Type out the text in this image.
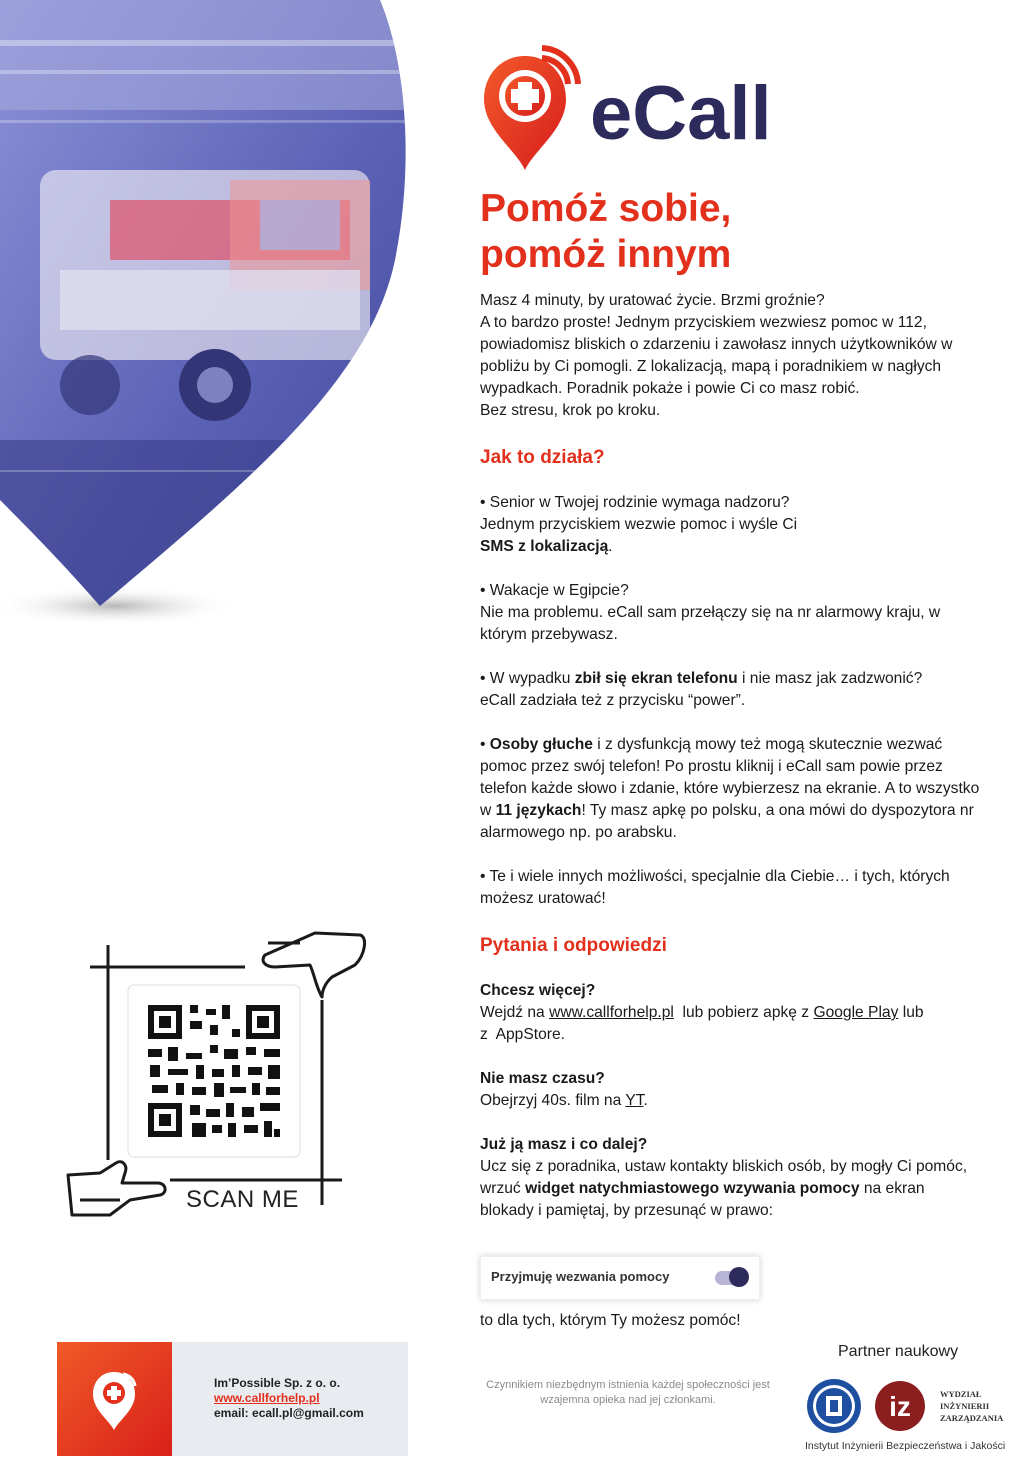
eCall
Pomóż sobie,
pomóż innym

Masz 4 minuty, by uratować życie. Brzmi groźnie?

A to bardzo proste! Jednym przyciskiem wezwiesz pomoc w 112, powiadomisz bliskich o zdarzeniu i zawołasz innych użytkowników w pobliżu by Ci pomogli. Z lokalizacją, mapą i poradnikiem w nagłych wypadkach. Poradnik pokaże i powie Ci co masz robić.

Bez stresu, krok po kroku.

Jak to działa?

• Senior w Twojej rodzinie wymaga nadzoru?

Jednym przyciskiem wezwie pomoc i wyśle Ci

SMS z lokalizacją.

• Wakacje w Egipcie?

Nie ma problemu. eCall sam przełączy się na nr alarmowy kraju, w którym przebywasz.

• W wypadku zbił się ekran telefonu i nie masz jak zadzwonić?

eCall zadziała też z przycisku “power”.

• Osoby głuche i z dysfunkcją mowy też mogą skutecznie wezwać pomoc przez swój telefon! Po prostu kliknij i eCall sam powie przez telefon każde słowo i zdanie, które wybierzesz na ekranie. A to wszystko w 11 językach! Ty masz apkę po polsku, a ona mówi do dyspozytora nr alarmowego np. po arabsku.

• Te i wiele innych możliwości, specjalnie dla Ciebie… i tych, których możesz uratować!

Pytania i odpowiedzi

Chcesz więcej?

Wejdź na www.callforhelp.pl  lub pobierz apkę z Google Play lub

z  AppStore.

Nie masz czasu?

Obejrzyj 40s. film na YT.

Już ją masz i co dalej?

Ucz się z poradnika, ustaw kontakty bliskich osób, by mogły Ci pomóc, wrzuć widget natychmiastowego wzywania pomocy na ekran blokady i pamiętaj, by przesunąć w prawo:

Przyjmuję wezwania pomocy
to dla tych, którym Ty możesz pomóc!
SCAN ME
Im’Possible Sp. z o. o.
www.callforhelp.pl
email: ecall.pl@gmail.com
Czynnikiem niezbędnym istnienia każdej społeczności jest wzajemna opieka nad jej członkami.
Partner naukowy
iz	WYDZIAŁ
INŻYNIERII
ZARZĄDZANIA
Instytut Inżynierii Bezpieczeństwa i Jakości
